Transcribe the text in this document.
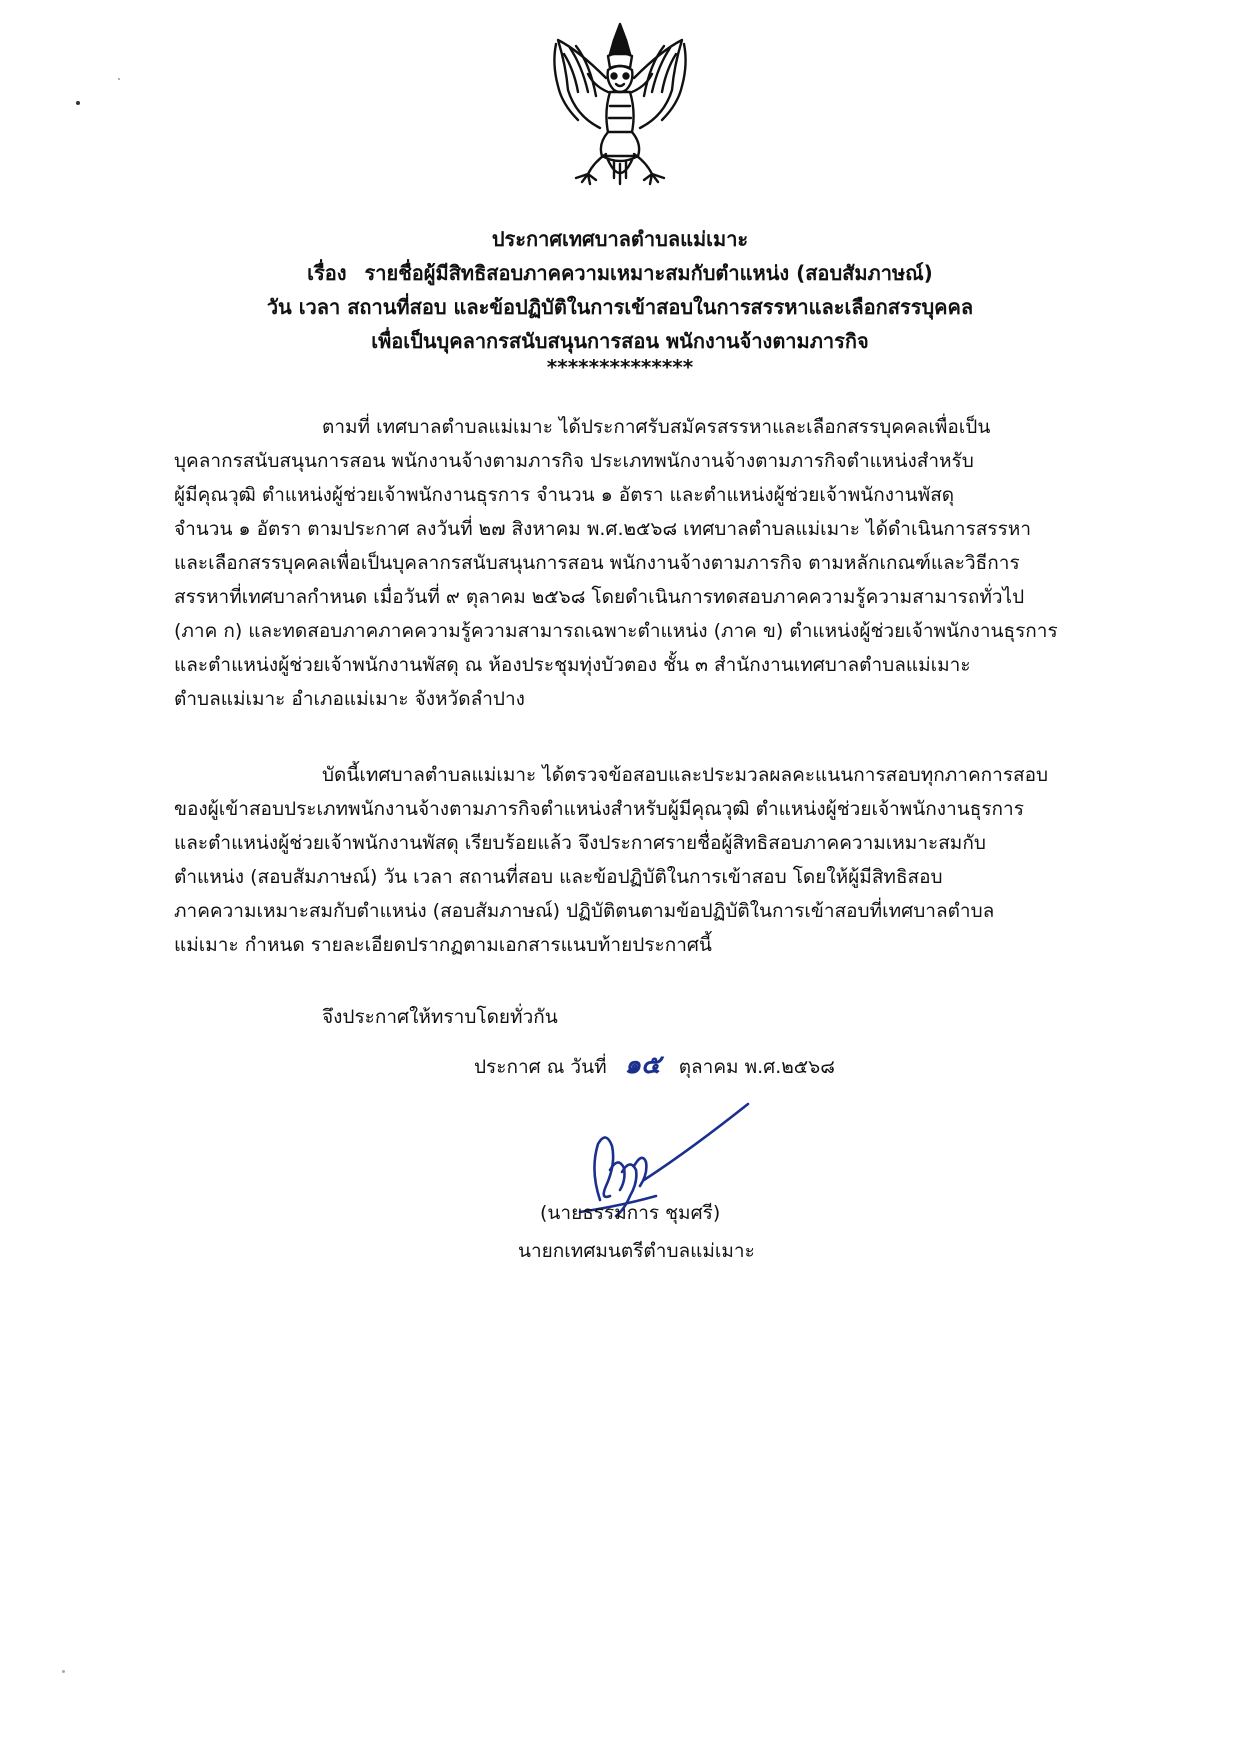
ประกาศเทศบาลตำบลแม่เมาะ
เรื่อง รายชื่อผู้มีสิทธิสอบภาคความเหมาะสมกับตำแหน่ง (สอบสัมภาษณ์)
วัน เวลา สถานที่สอบ และข้อปฏิบัติในการเข้าสอบในการสรรหาและเลือกสรรบุคคล
เพื่อเป็นบุคลากรสนับสนุนการสอน พนักงานจ้างตามภารกิจ
**************
ตามที่ เทศบาลตำบลแม่เมาะ ได้ประกาศรับสมัครสรรหาและเลือกสรรบุคคลเพื่อเป็น
บุคลากรสนับสนุนการสอน พนักงานจ้างตามภารกิจ ประเภทพนักงานจ้างตามภารกิจตำแหน่งสำหรับ
ผู้มีคุณวุฒิ ตำแหน่งผู้ช่วยเจ้าพนักงานธุรการ จำนวน ๑ อัตรา และตำแหน่งผู้ช่วยเจ้าพนักงานพัสดุ
จำนวน ๑ อัตรา ตามประกาศ ลงวันที่ ๒๗ สิงหาคม พ.ศ.๒๕๖๘ เทศบาลตำบลแม่เมาะ ได้ดำเนินการสรรหา
และเลือกสรรบุคคลเพื่อเป็นบุคลากรสนับสนุนการสอน พนักงานจ้างตามภารกิจ ตามหลักเกณฑ์และวิธีการ
สรรหาที่เทศบาลกำหนด เมื่อวันที่ ๙ ตุลาคม ๒๕๖๘ โดยดำเนินการทดสอบภาคความรู้ความสามารถทั่วไป
(ภาค ก) และทดสอบภาคภาคความรู้ความสามารถเฉพาะตำแหน่ง (ภาค ข) ตำแหน่งผู้ช่วยเจ้าพนักงานธุรการ
และตำแหน่งผู้ช่วยเจ้าพนักงานพัสดุ ณ ห้องประชุมทุ่งบัวตอง ชั้น ๓ สำนักงานเทศบาลตำบลแม่เมาะ
ตำบลแม่เมาะ อำเภอแม่เมาะ จังหวัดลำปาง
บัดนี้เทศบาลตำบลแม่เมาะ ได้ตรวจข้อสอบและประมวลผลคะแนนการสอบทุกภาคการสอบ
ของผู้เข้าสอบประเภทพนักงานจ้างตามภารกิจตำแหน่งสำหรับผู้มีคุณวุฒิ ตำแหน่งผู้ช่วยเจ้าพนักงานธุรการ
และตำแหน่งผู้ช่วยเจ้าพนักงานพัสดุ เรียบร้อยแล้ว จึงประกาศรายชื่อผู้สิทธิสอบภาคความเหมาะสมกับ
ตำแหน่ง (สอบสัมภาษณ์) วัน เวลา สถานที่สอบ และข้อปฏิบัติในการเข้าสอบ โดยให้ผู้มีสิทธิสอบ
ภาคความเหมาะสมกับตำแหน่ง (สอบสัมภาษณ์) ปฏิบัติตนตามข้อปฏิบัติในการเข้าสอบที่เทศบาลตำบล
แม่เมาะ กำหนด รายละเอียดปรากฏตามเอกสารแนบท้ายประกาศนี้
จึงประกาศให้ทราบโดยทั่วกัน
ประกาศ ณ วันที่ ๑๕ ตุลาคม พ.ศ.๒๕๖๘
(นายธรรมการ ชุมศรี)
นายกเทศมนตรีตำบลแม่เมาะ
